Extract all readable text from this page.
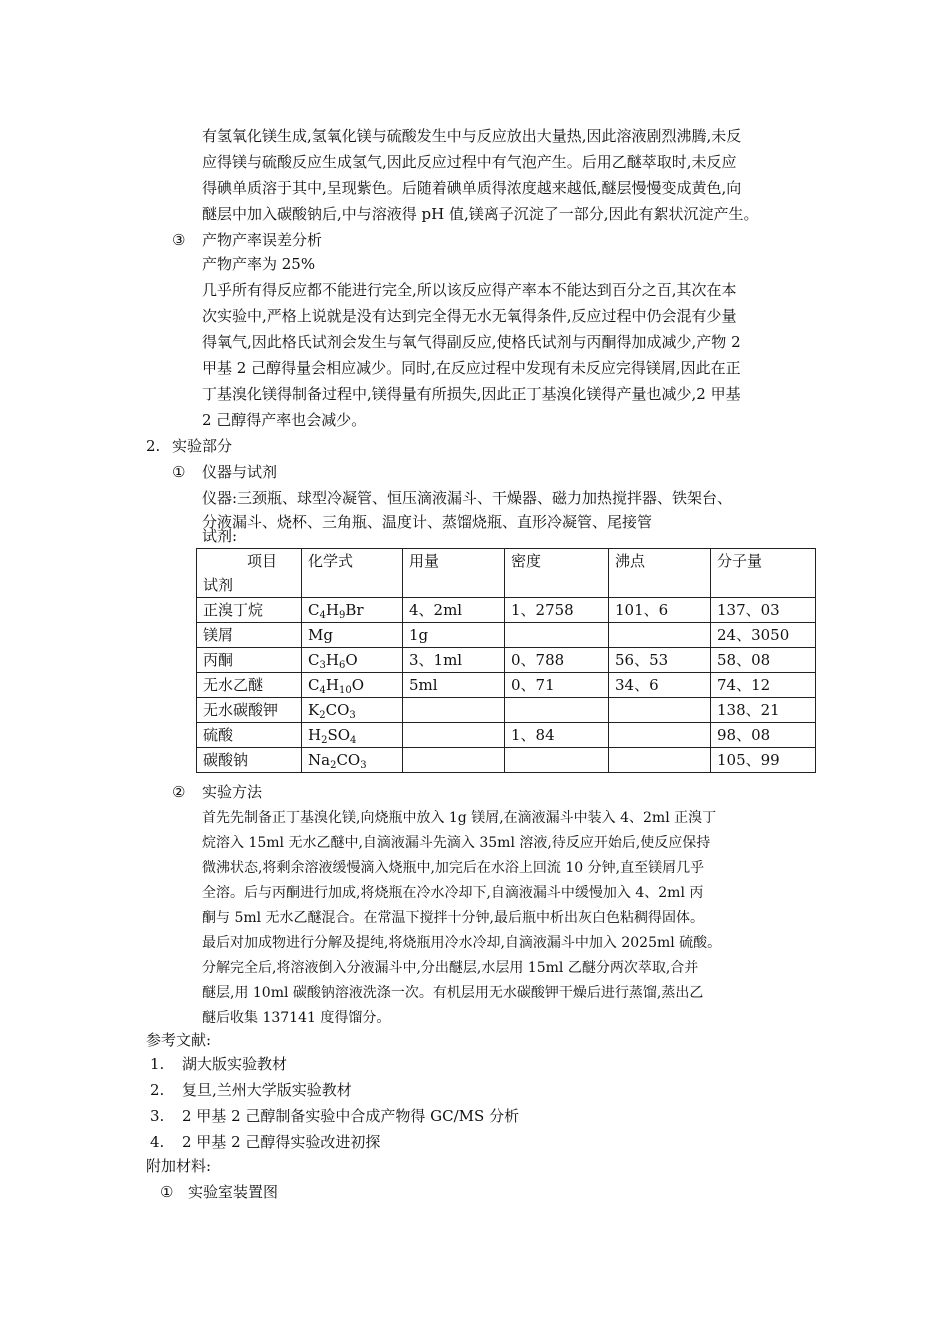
有氢氧化镁生成,氢氧化镁与硫酸发生中与反应放出大量热,因此溶液剧烈沸腾,未反
应得镁与硫酸反应生成氢气,因此反应过程中有气泡产生。后用乙醚萃取时,未反应
得碘单质溶于其中,呈现紫色。后随着碘单质得浓度越来越低,醚层慢慢变成黄色,向
醚层中加入碳酸钠后,中与溶液得 pH 值,镁离子沉淀了一部分,因此有絮状沉淀产生。
③ 产物产率误差分析
产物产率为 25%
几乎所有得反应都不能进行完全,所以该反应得产率本不能达到百分之百,其次在本
次实验中,严格上说就是没有达到完全得无水无氧得条件,反应过程中仍会混有少量
得氧气,因此格氏试剂会发生与氧气得副反应,使格氏试剂与丙酮得加成减少,产物 2
甲基 2 己醇得量会相应减少。同时,在反应过程中发现有未反应完得镁屑,因此在正
丁基溴化镁得制备过程中,镁得量有所损失,因此正丁基溴化镁得产量也减少,2 甲基
2 己醇得产率也会减少。
2. 实验部分
① 仪器与试剂
仪器:三颈瓶、球型冷凝管、恒压滴液漏斗、干燥器、磁力加热搅拌器、铁架台、
分液漏斗、烧杯、三角瓶、温度计、蒸馏烧瓶、直形冷凝管、尾接管
试剂:
项目
试剂	化学式	用量	密度	沸点	分子量
正溴丁烷	$C_4H_9Br$	4、2ml	1、2758	101、6	137、03
镁屑	Mg	1g			24、3050
丙酮	$C_3H_6O$	3、1ml	0、788	56、53	58、08
无水乙醚	$C_4H_{10}O$	5ml	0、71	34、6	74、12
无水碳酸钾	$K_2CO_3$				138、21
硫酸	$H_2SO_4$		1、84		98、08
碳酸钠	$Na_2CO_3$				105、99
② 实验方法
首先先制备正丁基溴化镁,向烧瓶中放入 1g 镁屑,在滴液漏斗中装入 4、2ml 正溴丁
烷溶入 15ml 无水乙醚中,自滴液漏斗先滴入 35ml 溶液,待反应开始后,使反应保持
微沸状态,将剩余溶液缓慢滴入烧瓶中,加完后在水浴上回流 10 分钟,直至镁屑几乎
全溶。后与丙酮进行加成,将烧瓶在冷水冷却下,自滴液漏斗中缓慢加入 4、2ml 丙
酮与 5ml 无水乙醚混合。在常温下搅拌十分钟,最后瓶中析出灰白色粘稠得固体。
最后对加成物进行分解及提纯,将烧瓶用冷水冷却,自滴液漏斗中加入 2025ml 硫酸。
分解完全后,将溶液倒入分液漏斗中,分出醚层,水层用 15ml 乙醚分两次萃取,合并
醚层,用 10ml 碳酸钠溶液洗涤一次。有机层用无水碳酸钾干燥后进行蒸馏,蒸出乙
醚后收集 137141 度得馏分。
参考文献:
1. 湖大版实验教材
2. 复旦,兰州大学版实验教材
3. 2 甲基 2 己醇制备实验中合成产物得 GC/MS 分析
4. 2 甲基 2 己醇得实验改进初探
附加材料:
① 实验室装置图
